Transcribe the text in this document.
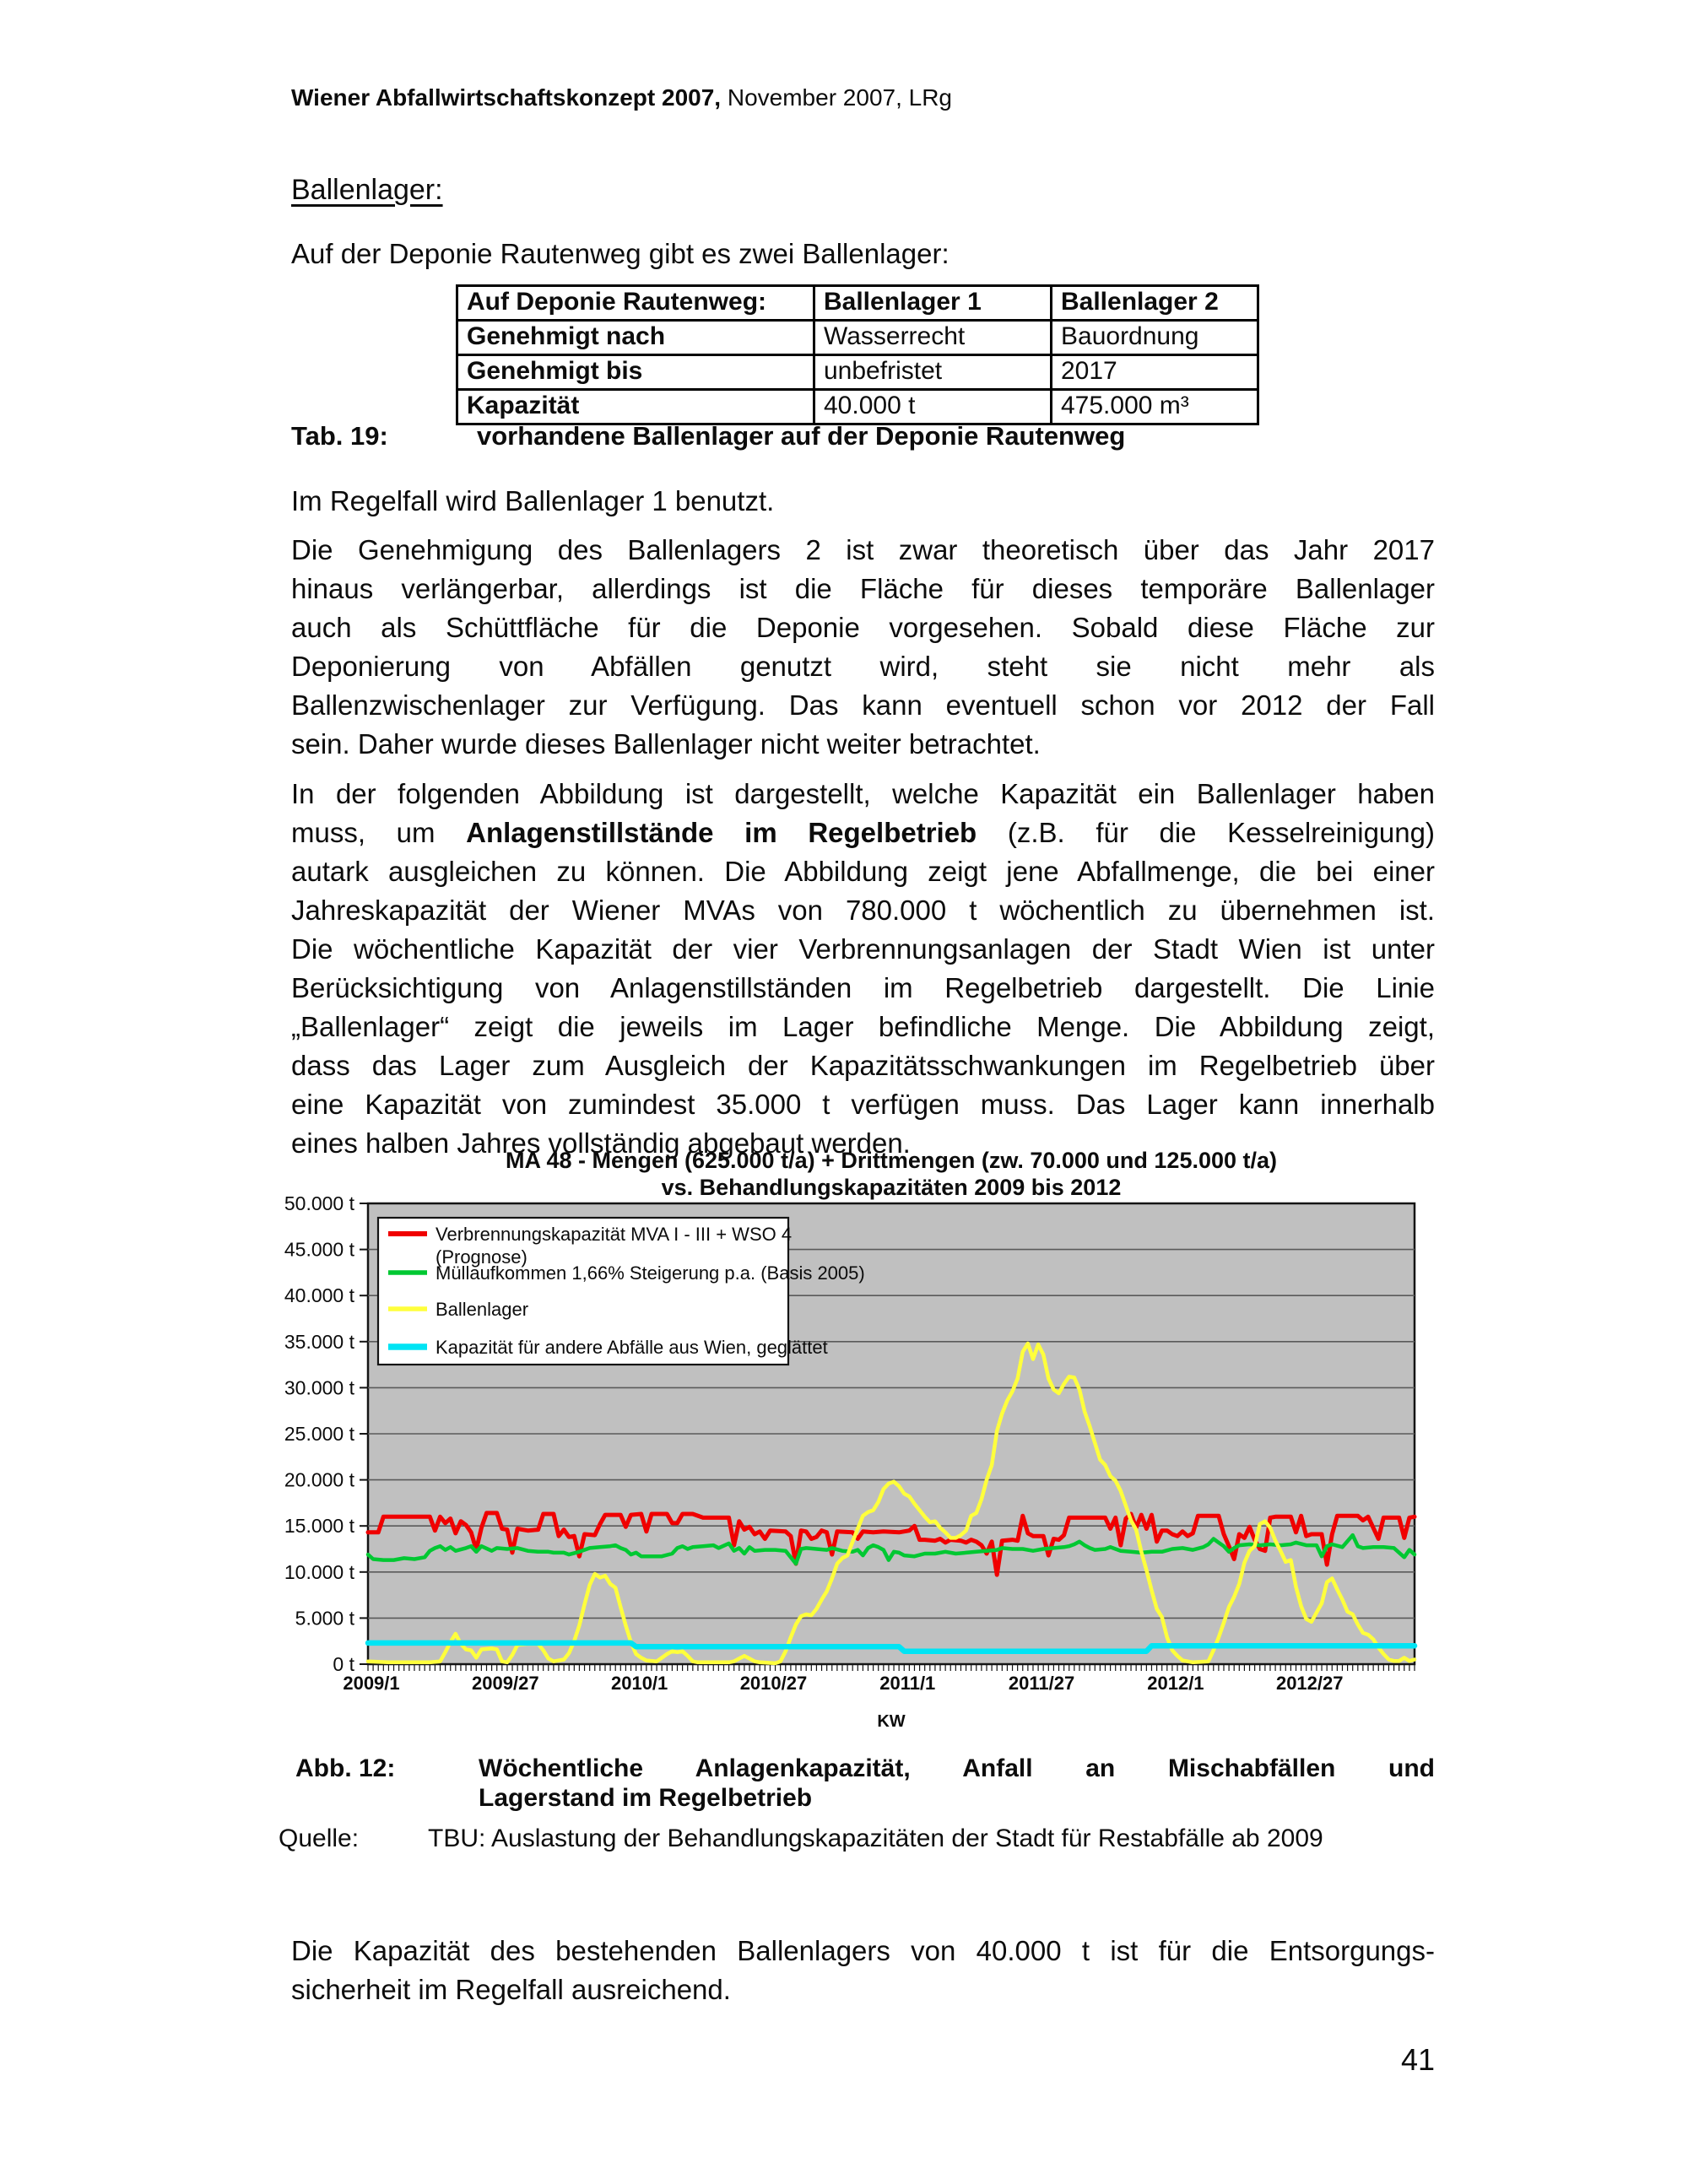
Wiener Abfallwirtschaftskonzept 2007, November 2007, LRg
Ballenlager:
Auf der Deponie Rautenweg gibt es zwei Ballenlager:
Auf Deponie Rautenweg:	Ballenlager 1	Ballenlager 2
Genehmigt nach	Wasserrecht	Bauordnung
Genehmigt bis	unbefristet	2017
Kapazität	40.000 t	475.000 m³
Tab. 19:	vorhandene Ballenlager auf der Deponie Rautenweg
Im Regelfall wird Ballenlager 1 benutzt.
Die Genehmigung des Ballenlagers 2 ist zwar theoretisch über das Jahr 2017
hinaus verlängerbar, allerdings ist die Fläche für dieses temporäre Ballenlager
auch als Schüttfläche für die Deponie vorgesehen. Sobald diese Fläche zur
Deponierung von Abfällen genutzt wird, steht sie nicht mehr als
Ballenzwischenlager zur Verfügung. Das kann eventuell schon vor 2012 der Fall
sein. Daher wurde dieses Ballenlager nicht weiter betrachtet.
In der folgenden Abbildung ist dargestellt, welche Kapazität ein Ballenlager haben
muss, um Anlagenstillstände im Regelbetrieb (z.B. für die Kesselreinigung)
autark ausgleichen zu können. Die Abbildung zeigt jene Abfallmenge, die bei einer
Jahreskapazität der Wiener MVAs von 780.000 t wöchentlich zu übernehmen ist.
Die wöchentliche Kapazität der vier Verbrennungsanlagen der Stadt Wien ist unter
Berücksichtigung von Anlagenstillständen im Regelbetrieb dargestellt. Die Linie
„Ballenlager“ zeigt die jeweils im Lager befindliche Menge. Die Abbildung zeigt,
dass das Lager zum Ausgleich der Kapazitätsschwankungen im Regelbetrieb über
eine Kapazität von zumindest 35.000 t verfügen muss. Das Lager kann innerhalb
eines halben Jahres vollständig abgebaut werden.
0 t
5.000 t
10.000 t
15.000 t
20.000 t
25.000 t
30.000 t
35.000 t
40.000 t
45.000 t
50.000 t
2009/1	2009/27	2010/1	2010/27	2011/1	2011/27	2012/1	2012/27
Verbrennungskapazität MVA I - III + WSO 4 (Prognose)
Müllaufkommen 1,66% Steigerung p.a. (Basis 2005)
Ballenlager
Kapazität für andere Abfälle aus Wien, geglättet
MA 48 - Mengen (625.000 t/a) + Drittmengen (zw. 70.000 und 125.000 t/a)
vs. Behandlungskapazitäten 2009 bis 2012
KW
Abb. 12:	Wöchentliche Anlagenkapazität, Anfall an Mischabfällen und
Lagerstand im Regelbetrieb
Quelle:	TBU: Auslastung der Behandlungskapazitäten der Stadt für Restabfälle ab 2009
Die Kapazität des bestehenden Ballenlagers von 40.000 t ist für die Entsorgungs-
sicherheit im Regelfall ausreichend.
41
